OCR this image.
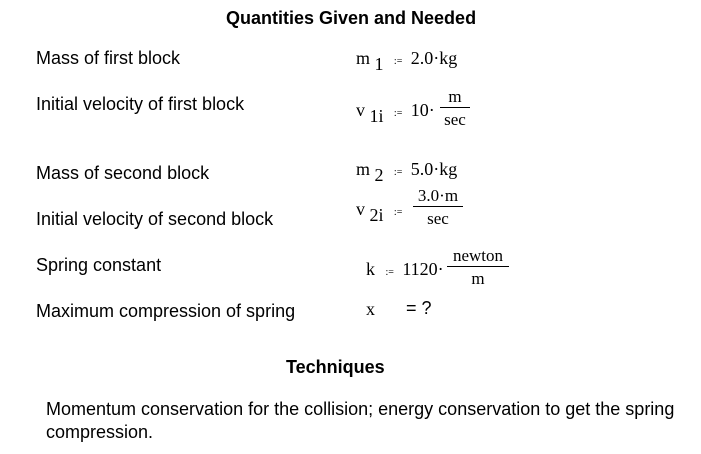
Quantities Given and Needed
Mass of first block	m 1 := 2.0·kg
Initial velocity of first block	v 1i := 10·
m
sec
Mass of second block	m 2 := 5.0·kg
Initial velocity of second block	v 2i :=
3.0·m
sec
Spring constant	k := 1120·
newton
m
Maximum compression of spring	x = ?
Techniques
Momentum conservation for the collision; energy conservation to get the spring compression.
